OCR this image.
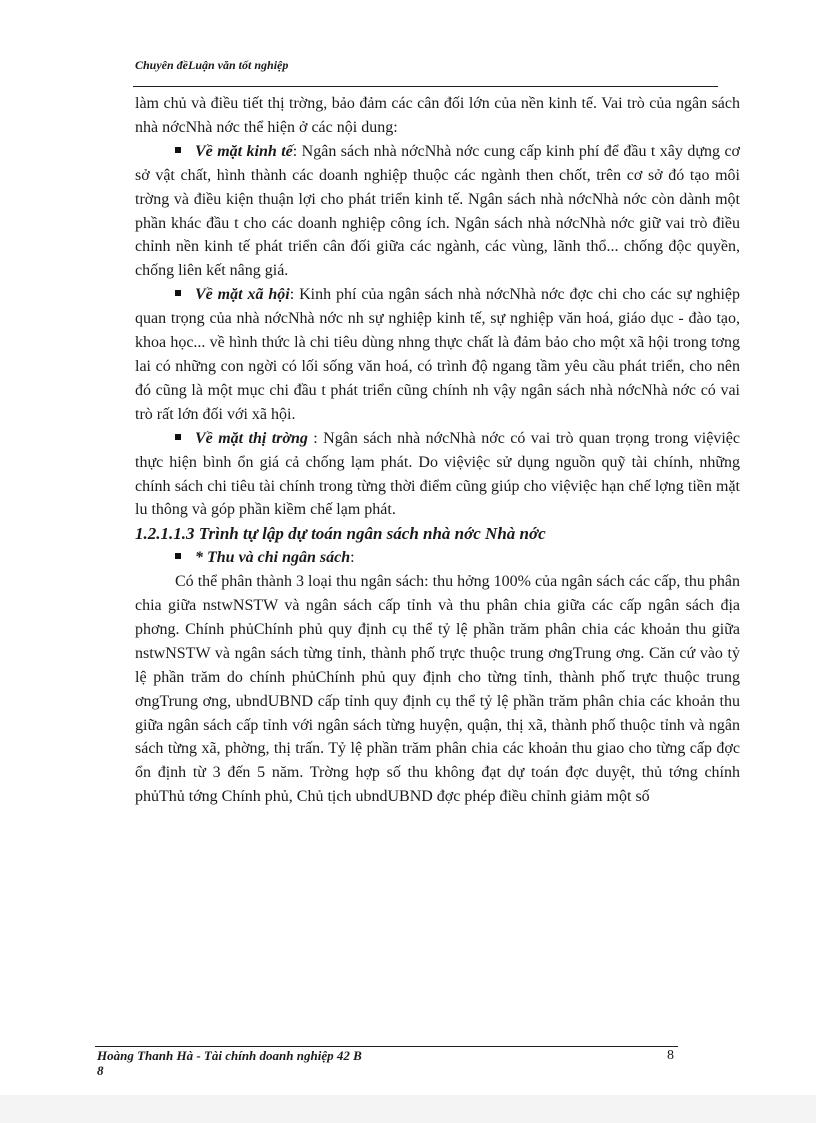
Chuyên đềLuận văn tốt nghiệp

làm chủ và điều tiết thị trờng, bảo đảm các cân đối lớn của nền kinh tế. Vai trò của ngân sách nhà nớcNhà nớc thể hiện ở các nội dung:

Về mặt kinh tế: Ngân sách nhà nớcNhà nớc cung cấp kinh phí để đầu t xây dựng cơ sở vật chất, hình thành các doanh nghiệp thuộc các ngành then chốt, trên cơ sở đó tạo môi trờng và điều kiện thuận lợi cho phát triển kinh tế. Ngân sách nhà nớcNhà nớc còn dành một phần khác đầu t cho các doanh nghiệp công ích. Ngân sách nhà nớcNhà nớc giữ vai trò điều chỉnh nền kinh tế phát triển cân đối giữa các ngành, các vùng, lãnh thổ... chống độc quyền, chống liên kết nâng giá.

Về mặt xã hội: Kinh phí của ngân sách nhà nớcNhà nớc đợc chi cho các sự nghiệp quan trọng của nhà nớcNhà nớc nh sự nghiệp kinh tế, sự nghiệp văn hoá, giáo dục - đào tạo, khoa học... về hình thức là chi tiêu dùng nhng thực chất là đảm bảo cho một xã hội trong tơng lai có những con ngời có lối sống văn hoá, có trình độ ngang tầm yêu cầu phát triển, cho nên đó cũng là một mục chi đầu t phát triển cũng chính nh vậy ngân sách nhà nớcNhà nớc có vai trò rất lớn đối với xã hội.

Về mặt thị trờng : Ngân sách nhà nớcNhà nớc có vai trò quan trọng trong việviệc thực hiện bình ổn giá cả chống lạm phát. Do việviệc sử dụng nguồn quỹ tài chính, những chính sách chi tiêu tài chính trong từng thời điểm cũng giúp cho việviệc hạn chế lợng tiền mặt lu thông và góp phần kiềm chế lạm phát.

1.2.1.1.3 Trình tự lập dự toán ngân sách nhà nớc Nhà nớc

* Thu và chi ngân sách:

Có thể phân thành 3 loại thu ngân sách: thu hởng 100% của ngân sách các cấp, thu phân chia giữa nstwNSTW và ngân sách cấp tỉnh và thu phân chia giữa các cấp ngân sách địa phơng. Chính phủChính phủ quy định cụ thể tỷ lệ phần trăm phân chia các khoản thu giữa nstwNSTW và ngân sách từng tỉnh, thành phố trực thuộc trung ơngTrung ơng. Căn cứ vào tỷ lệ phần trăm do chính phủChính phủ quy định cho từng tỉnh, thành phố trực thuộc trung ơngTrung ơng, ubndUBND cấp tỉnh quy định cụ thể tỷ lệ phần trăm phân chia các khoản thu giữa ngân sách cấp tỉnh với ngân sách từng huyện, quận, thị xã, thành phố thuộc tỉnh và ngân sách từng xã, phờng, thị trấn. Tỷ lệ phần trăm phân chia các khoản thu giao cho từng cấp đợc ổn định từ 3 đến 5 năm. Trờng hợp số thu không đạt dự toán đợc duyệt, thủ tớng chính phủThủ tớng Chính phủ, Chủ tịch ubndUBND đợc phép điều chỉnh giảm một số

Hoàng Thanh Hà - Tài chính doanh nghiệp 42 B
8
8
